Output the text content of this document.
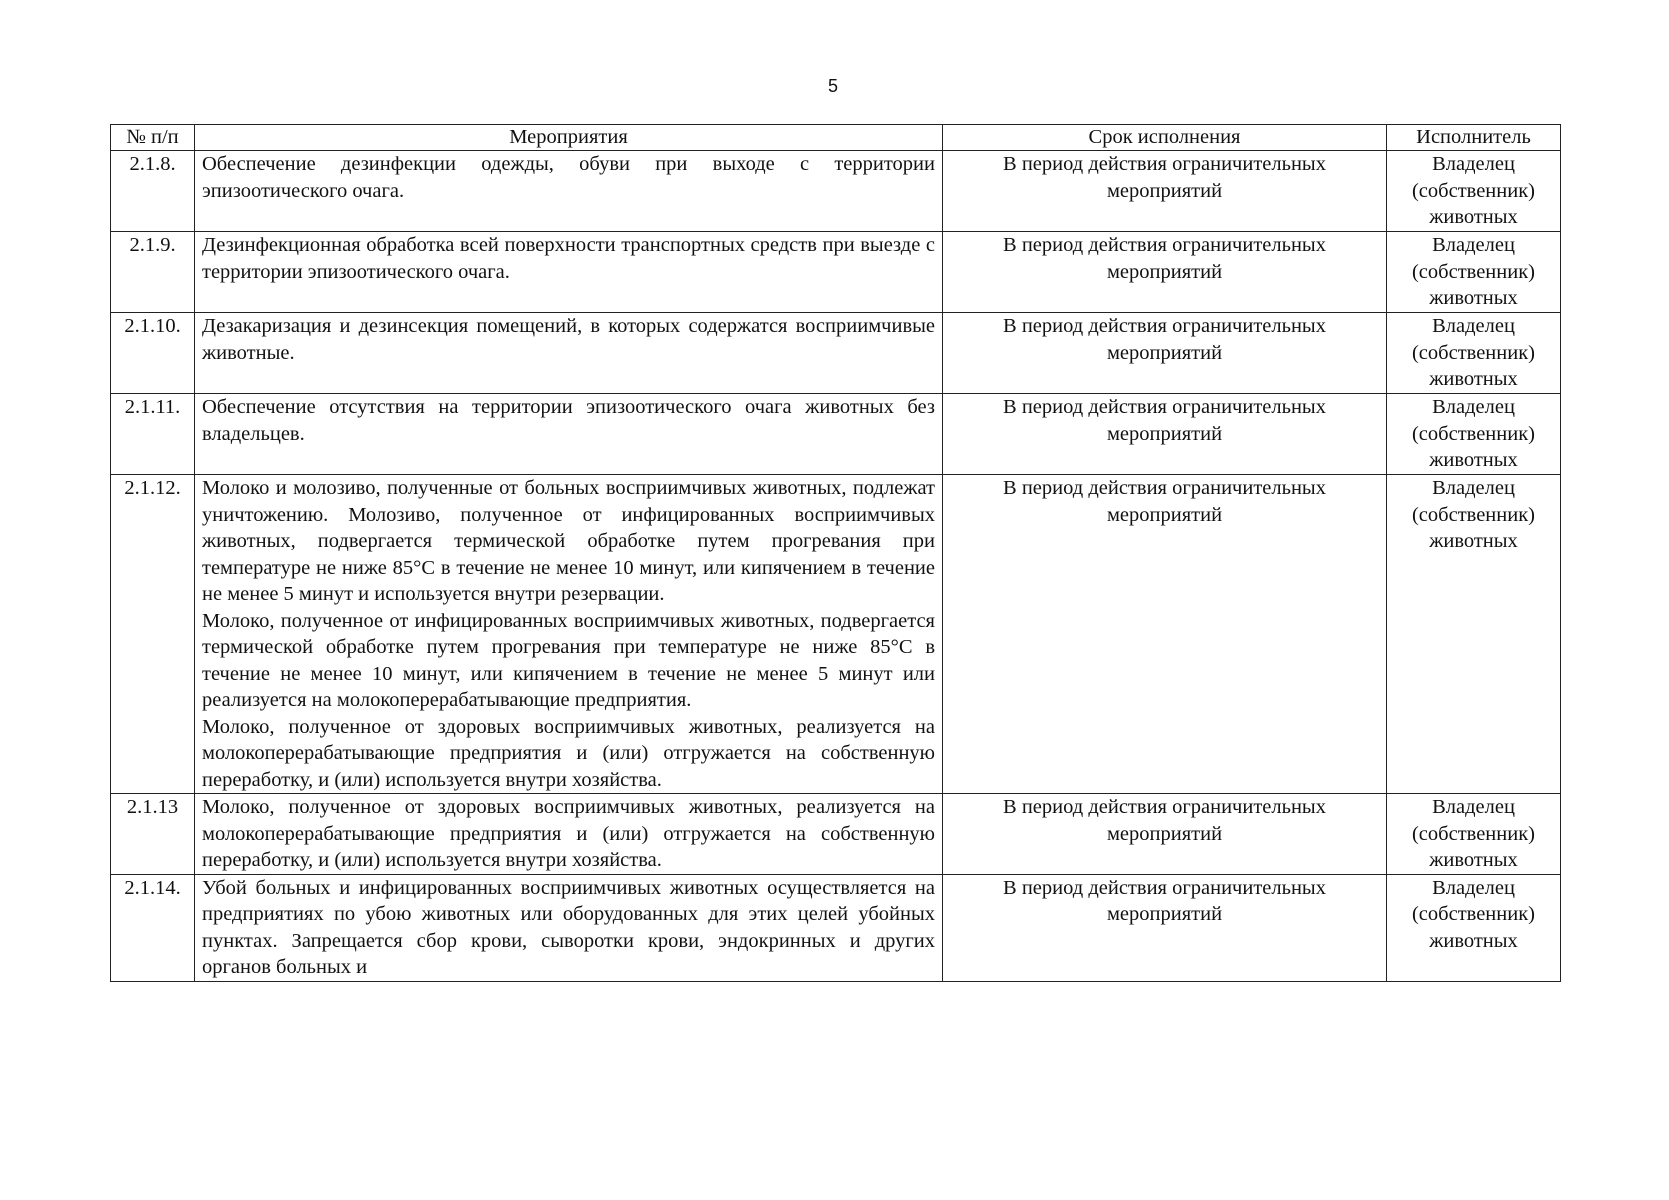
5
№ п/п	Мероприятия	Срок исполнения	Исполнитель
2.1.8.	Обеспечение дезинфекции одежды, обуви при выходе с территории эпизоотического очага.	В период действия ограничительных мероприятий	Владелец (собственник) животных
2.1.9.	Дезинфекционная обработка всей поверхности транспортных средств при выезде с территории эпизоотического очага.	В период действия ограничительных мероприятий	Владелец (собственник) животных
2.1.10.	Дезакаризация и дезинсекция помещений, в которых содержатся восприимчивые животные.	В период действия ограничительных мероприятий	Владелец (собственник) животных
2.1.11.	Обеспечение отсутствия на территории эпизоотического очага животных без владельцев.	В период действия ограничительных мероприятий	Владелец (собственник) животных
2.1.12.	Молоко и молозиво, полученные от больных восприимчивых животных, подлежат уничтожению. Молозиво, полученное от инфицированных восприимчивых животных, подвергается термической обработке путем прогревания при температуре не ниже 85°С в течение не менее 10 минут, или кипячением в течение не менее 5 минут и используется внутри резервации.
Молоко, полученное от инфицированных восприимчивых животных, подвергается термической обработке путем прогревания при температуре не ниже 85°С в течение не менее 10 минут, или кипячением в течение не менее 5 минут или реализуется на молокоперерабатывающие предприятия.
Молоко, полученное от здоровых восприимчивых животных, реализуется на молокоперерабатывающие предприятия и (или) отгружается на собственную переработку, и (или) используется внутри хозяйства.	В период действия ограничительных мероприятий	Владелец (собственник) животных
2.1.13	Молоко, полученное от здоровых восприимчивых животных, реализуется на молокоперерабатывающие предприятия и (или) отгружается на собственную переработку, и (или) используется внутри хозяйства.	В период действия ограничительных мероприятий	Владелец (собственник) животных
2.1.14.	Убой больных и инфицированных восприимчивых животных осуществляется на предприятиях по убою животных или оборудованных для этих целей убойных пунктах. Запрещается сбор крови, сыворотки крови, эндокринных и других органов больных и	В период действия ограничительных мероприятий	Владелец (собственник) животных
